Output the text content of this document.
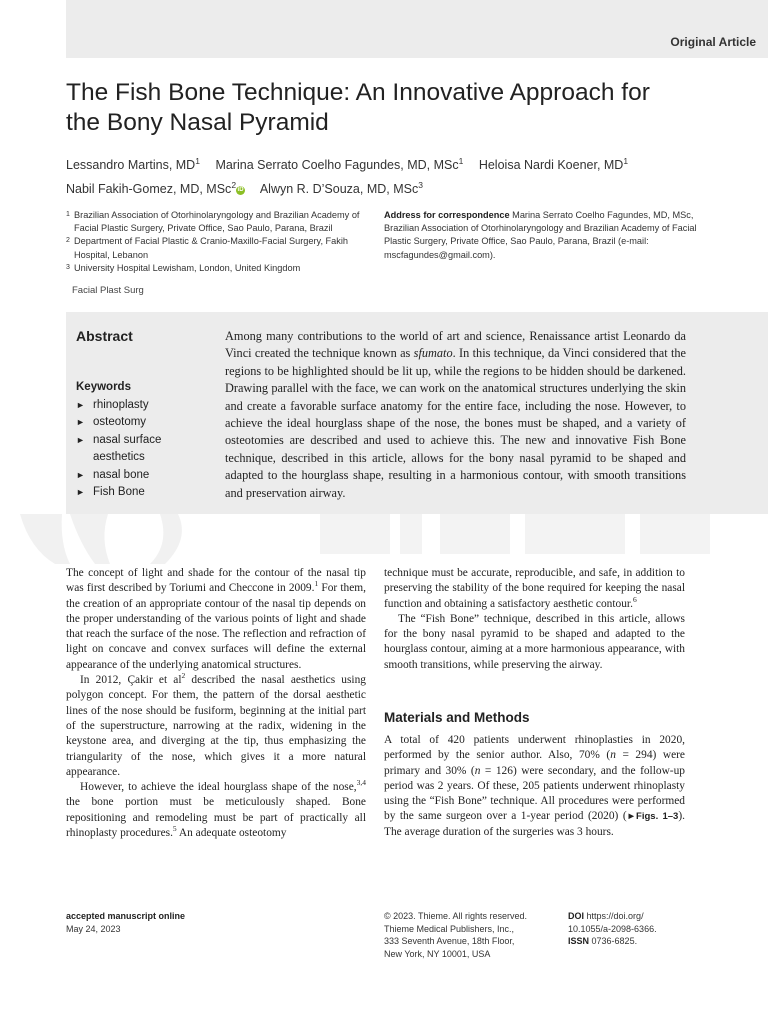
Original Article
The Fish Bone Technique: An Innovative Approach for the Bony Nasal Pyramid
Lessandro Martins, $MD^1$ Marina Serrato Coelho Fagundes, MD, MSc$^1$ Heloisa Nardi Koener, $MD^1$
Nabil Fakih-Gomez, MD, MSc$^2$iD Alwyn R. D’Souza, MD, MSc$^3$
1 Brazilian Association of Otorhinolaryngology and Brazilian Academy of Facial Plastic Surgery, Private Office, Sao Paulo, Parana, Brazil
2 Department of Facial Plastic & Cranio-Maxillo-Facial Surgery, Fakih Hospital, Lebanon
3 University Hospital Lewisham, London, United Kingdom
Address for correspondence Marina Serrato Coelho Fagundes, MD, MSc, Brazilian Association of Otorhinolaryngology and Brazilian Academy of Facial Plastic Surgery, Private Office, Sao Paulo, Parana, Brazil (e-mail: mscfagundes@gmail.com).
Facial Plast Surg
Abstract
Keywords
► rhinoplasty
► osteotomy
► nasal surface aesthetics
► nasal bone
► Fish Bone

Among many contributions to the world of art and science, Renaissance artist Leonardo da Vinci created the technique known as sfumato. In this technique, da Vinci considered that the regions to be highlighted should be lit up, while the regions to be hidden should be darkened. Drawing parallel with the face, we can work on the anatomical structures underlying the skin and create a favorable surface anatomy for the entire face, including the nose. However, to achieve the ideal hourglass shape of the nose, the bones must be shaped, and a variety of osteotomies are described and used to achieve this. The new and innovative Fish Bone technique, described in this article, allows for the bony nasal pyramid to be shaped and adapted to the hourglass shape, resulting in a harmonious contour, with smooth transitions and preservation airway.

The concept of light and shade for the contour of the nasal tip was first described by Toriumi and Checcone in 2009.$^1$ For them, the creation of an appropriate contour of the nasal tip depends on the proper understanding of the various points of light and shade that reach the surface of the nose. The reflection and refraction of light on concave and convex surfaces will define the external appearance of the underlying anatomical structures.

In 2012, Çakir et $al^2$ described the nasal aesthetics using polygon concept. For them, the pattern of the dorsal aesthetic lines of the nose should be fusiform, beginning at the initial part of the superstructure, narrowing at the radix, widening in the keystone area, and diverging at the tip, thus emphasizing the triangularity of the nose, which gives it a more natural appearance.

However, to achieve the ideal hourglass shape of the nose,$^{3,4}$ the bone portion must be meticulously shaped. Bone repositioning and remodeling must be part of practically all rhinoplasty procedures.$^5$ An adequate osteotomy

technique must be accurate, reproducible, and safe, in addition to preserving the stability of the bone required for keeping the nasal function and obtaining a satisfactory aesthetic contour.$^6$

The “Fish Bone” technique, described in this article, allows for the bony nasal pyramid to be shaped and adapted to the hourglass contour, aiming at a more harmonious appearance, with smooth transitions, while preserving the airway.

Materials and Methods

A total of 420 patients underwent rhinoplasties in 2020, performed by the senior author. Also, 70% (n = 294) were primary and 30% (n = 126) were secondary, and the follow-up period was 2 years. Of these, 205 patients underwent rhinoplasty using the “Fish Bone” technique. All procedures were performed by the same surgeon over a 1-year period (2020) (►Figs. 1–3). The average duration of the surgeries was 3 hours.

accepted manuscript online
May 24, 2023
© 2023. Thieme. All rights reserved.
Thieme Medical Publishers, Inc.,
333 Seventh Avenue, 18th Floor,
New York, NY 10001, USA
DOI https://doi.org/
10.1055/a-2098-6366.
ISSN 0736-6825.
